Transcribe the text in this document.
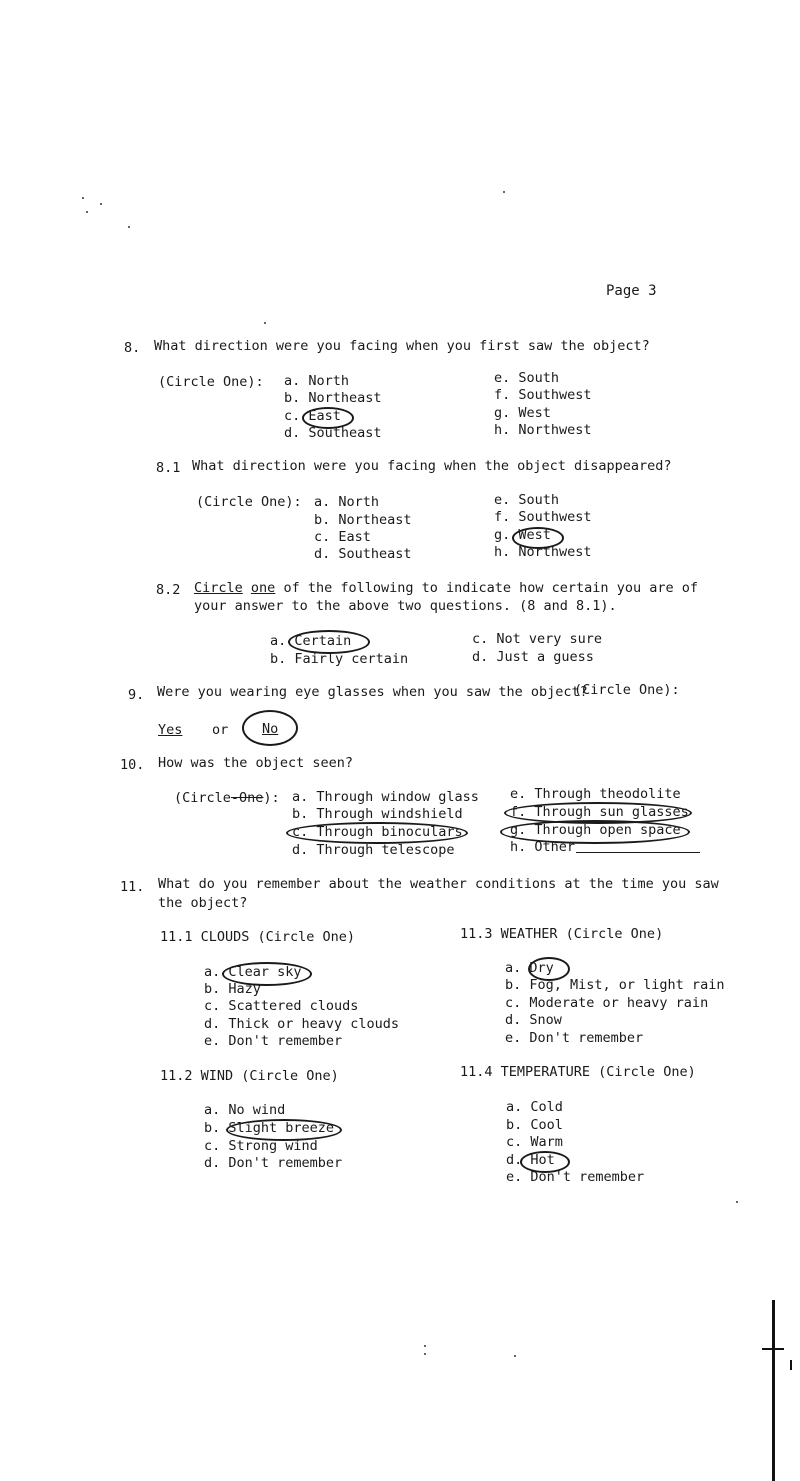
Page 3
8. What direction were you facing when you first saw the object?
(Circle One): a. North
b. Northeast
c. East
d. Southeast
e. South
f. Southwest
g. West
h. Northwest
8.1 What direction were you facing when the object disappeared?
(Circle One): a. North
b. Northeast
c. East
d. Southeast
e. South
f. Southwest
g. West
h. Northwest
8.2 Circle one of the following to indicate how certain you are of
your answer to the above two questions. (8 and 8.1).
a. Certain
b. Fairly certain
c. Not very sure
d. Just a guess
9. Were you wearing eye glasses when you saw the object?
(Circle One):
Yes or No
10. How was the object seen?
(Circle-One): a. Through window glass
b. Through windshield
c. Through binoculars
d. Through telescope
e. Through theodolite
f. Through sun glasses
g. Through open space
h. Other
11. What do you remember about the weather conditions at the time you saw
the object?
11.1 CLOUDS (Circle One)
a. Clear sky
b. Hazy
c. Scattered clouds
d. Thick or heavy clouds
e. Don't remember
11.2 WIND (Circle One)
a. No wind
b. Slight breeze
c. Strong wind
d. Don't remember
11.3 WEATHER (Circle One)
a. Dry
b. Fog, Mist, or light rain
c. Moderate or heavy rain
d. Snow
e. Don't remember
11.4 TEMPERATURE (Circle One)
a. Cold
b. Cool
c. Warm
d. Hot
e. Don't remember
